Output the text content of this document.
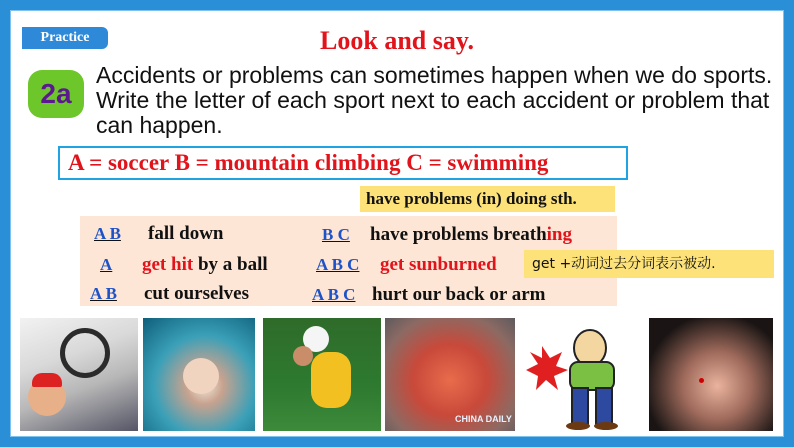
Practice	Look and say.
2a
Accidents or problems can sometimes happen when we do sports. Write the letter of each sport next to each accident or problem that can happen.
A = soccer B = mountain climbing C = swimming
have problems (in) doing sth.
A B fall down
A get hit by a ball
A B cut ourselves
B C have problems breathing
A B C get sunburned
A B C hurt our back or arm
get +动词过去分词表示被动.
CHINA DAILY
